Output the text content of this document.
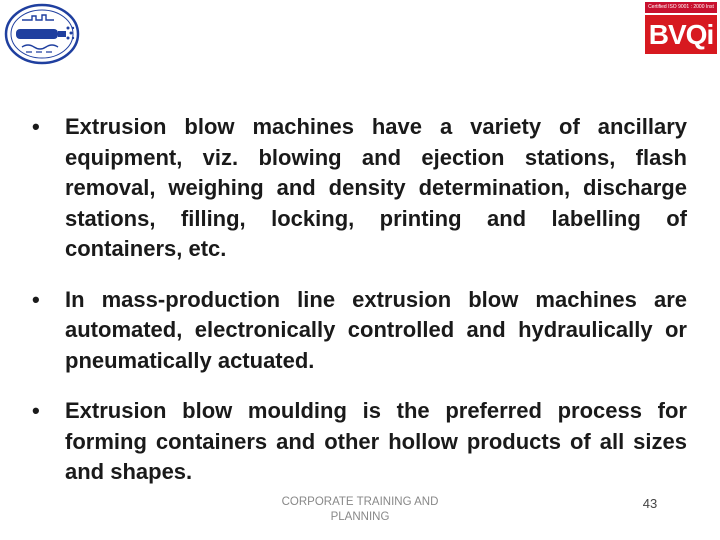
Certified ISO 9001 : 2000 Inst
BVQi
•	Extrusion blow machines have a variety of ancillary equipment, viz. blowing and ejection stations, flash removal, weighing and density determination, discharge stations, filling, locking, printing and labelling of containers, etc.
•	In mass‑production line extrusion blow machines are automated, electronically controlled and hydraulically or pneumatically actuated.
•	Extrusion blow moulding is the preferred process for forming containers and other hollow products of all sizes and shapes.
CORPORATE TRAINING AND
PLANNING
43
